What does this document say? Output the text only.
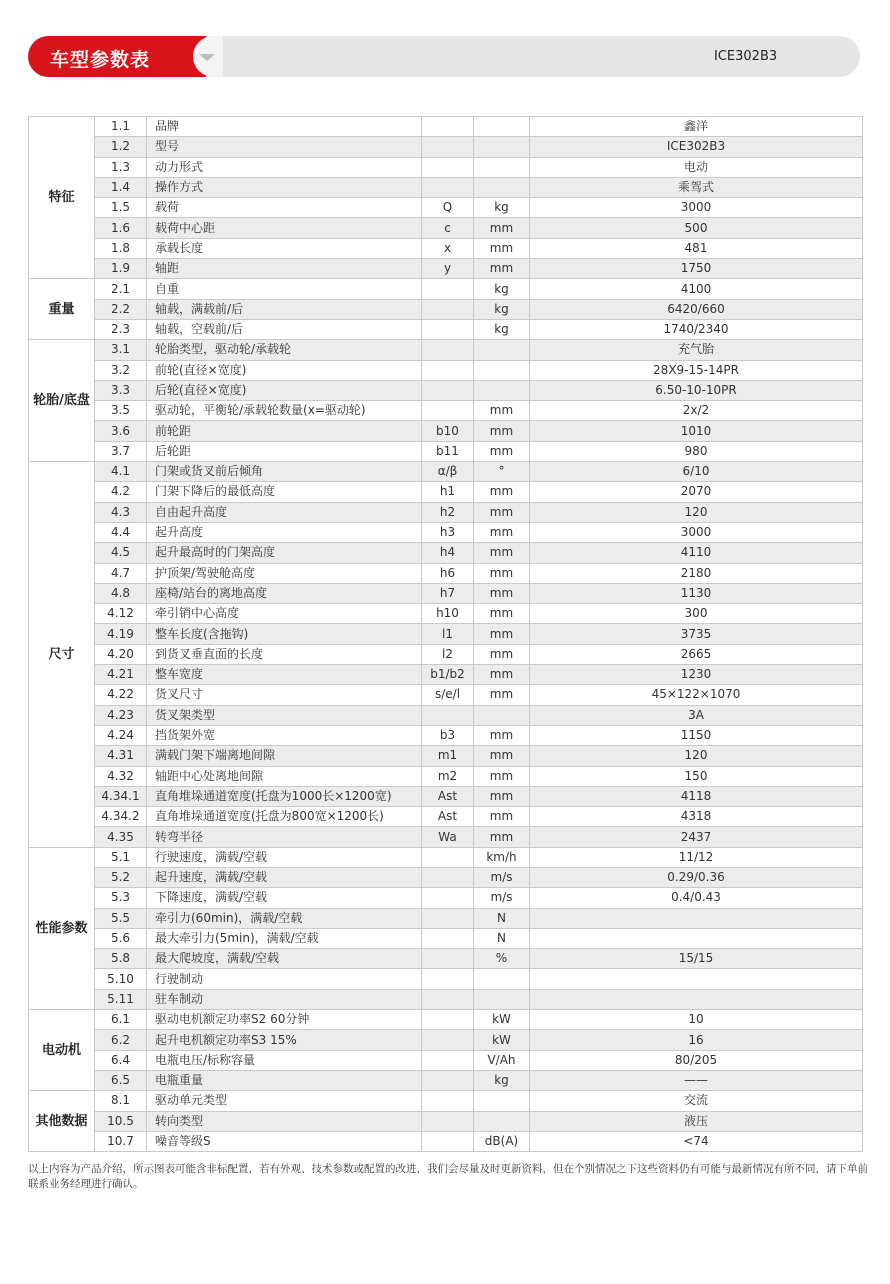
车型参数表	ICE302B3
特征	1.1	品牌			鑫洋
	1.2	型号			ICE302B3
	1.3	动力形式			电动
	1.4	操作方式			乘驾式
	1.5	载荷	Q	kg	3000
	1.6	载荷中心距	c	mm	500
	1.8	承载长度	x	mm	481
	1.9	轴距	y	mm	1750
重量	2.1	自重		kg	4100
	2.2	轴载，满载前/后		kg	6420/660
	2.3	轴载，空载前/后		kg	1740/2340
轮胎/底盘	3.1	轮胎类型，驱动轮/承载轮			充气胎
	3.2	前轮(直径×宽度)			28X9-15-14PR
	3.3	后轮(直径×宽度)			6.50-10-10PR
	3.5	驱动轮，平衡轮/承载轮数量(x=驱动轮)		mm	2x/2
	3.6	前轮距	b10	mm	1010
	3.7	后轮距	b11	mm	980
尺寸	4.1	门架或货叉前后倾角	α/β	°	6/10
	4.2	门架下降后的最低高度	h1	mm	2070
	4.3	自由起升高度	h2	mm	120
	4.4	起升高度	h3	mm	3000
	4.5	起升最高时的门架高度	h4	mm	4110
	4.7	护顶架/驾驶舱高度	h6	mm	2180
	4.8	座椅/站台的离地高度	h7	mm	1130
	4.12	牵引销中心高度	h10	mm	300
	4.19	整车长度(含拖钩)	l1	mm	3735
	4.20	到货叉垂直面的长度	l2	mm	2665
	4.21	整车宽度	b1/b2	mm	1230
	4.22	货叉尺寸	s/e/l	mm	45×122×1070
	4.23	货叉架类型			3A
	4.24	挡货架外宽	b3	mm	1150
	4.31	满载门架下端离地间隙	m1	mm	120
	4.32	轴距中心处离地间隙	m2	mm	150
	4.34.1	直角堆垛通道宽度(托盘为1000长×1200宽)	Ast	mm	4118
	4.34.2	直角堆垛通道宽度(托盘为800宽×1200长)	Ast	mm	4318
	4.35	转弯半径	Wa	mm	2437
性能参数	5.1	行驶速度，满载/空载		km/h	11/12
	5.2	起升速度，满载/空载		m/s	0.29/0.36
	5.3	下降速度，满载/空载		m/s	0.4/0.43
	5.5	牵引力(60min)，满载/空载		N	
	5.6	最大牵引力(5min)，满载/空载		N	
	5.8	最大爬坡度，满载/空载		%	15/15
	5.10	行驶制动			
	5.11	驻车制动			
电动机	6.1	驱动电机额定功率S2 60分钟		kW	10
	6.2	起升电机额定功率S3 15%		kW	16
	6.4	电瓶电压/标称容量		V/Ah	80/205
	6.5	电瓶重量		kg	——
其他数据	8.1	驱动单元类型			交流
	10.5	转向类型			液压
	10.7	噪音等级S		dB(A)	<74
以上内容为产品介绍，所示图表可能含非标配置，若有外观、技术参数或配置的改进，我们会尽量及时更新资料，但在个别情况之下这些资料仍有可能与最新情况有所不同，请下单前联系业务经理进行确认。
